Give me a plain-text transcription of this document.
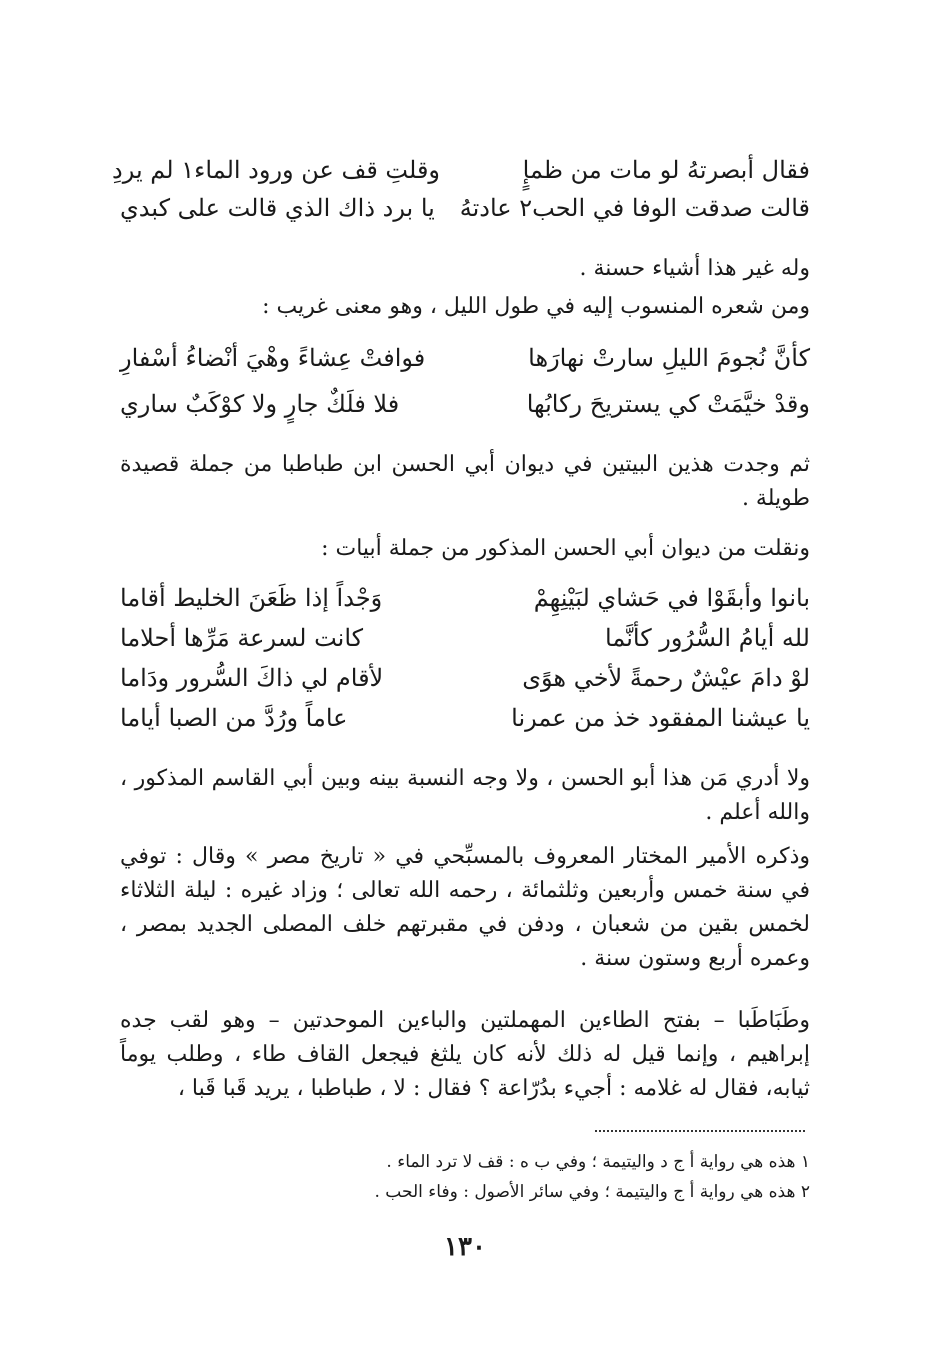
فقال أبصرتهُ لو مات من ظمإٍ
وقلتِ قف عن ورود الماء١ لم يردِ
قالت صدقت الوفا في الحب٢ عادتهُ
يا برد ذاك الذي قالت على كبدي
وله غير هذا أشياء حسنة .
ومن شعره المنسوب إليه في طول الليل ، وهو معنى غريب :
كأنَّ نُجومَ الليلِ سارتْ نهارَها
فوافتْ عِشاءً وهْيَ أنْضاءُ أسْفارِ
وقدْ خيَّمَتْ كي يستريحَ ركابُها
فلا فلَكٌ جارٍ ولا كوْكَبٌ ساري
ثم وجدت هذين البيتين في ديوان أبي الحسن ابن طباطبا من جملة قصيدة طويلة .
ونقلت من ديوان أبي الحسن المذكور من جملة أبيات :
بانوا وأبقَوْا في حَشاي لبَيْنِهِمْ
وَجْداً إذا ظَعَنَ الخليط أقاما
لله أيامُ السُّرُور كأنَّما
كانت لسرعة مَرِّها أحلاما
لوْ دامَ عيْشٌ رحمةً لأخي هوًى
لأقام لي ذاكَ السُّرور ودَاما
يا عيشنا المفقود خذ من عمرنا
عاماً ورُدَّ من الصبا أياما
ولا أدري مَن هذا أبو الحسن ، ولا وجه النسبة بينه وبين أبي القاسم المذكور ، والله أعلم .
وذكره الأمير المختار المعروف بالمسبِّحي في « تاريخ مصر » وقال : توفي في سنة خمس وأربعين وثلثمائة ، رحمه الله تعالى ؛ وزاد غيره : ليلة الثلاثاء لخمس بقين من شعبان ، ودفن في مقبرتهم خلف المصلى الجديد بمصر ، وعمره أربع وستون سنة .
وطَبَاطَبا – بفتح الطاءين المهملتين والباءين الموحدتين – وهو لقب جده إبراهيم ، وإنما قيل له ذلك لأنه كان يلثغ فيجعل القاف طاء ، وطلب يوماً ثيابه، فقال له غلامه : أجيء بدُرّاعة ؟ فقال : لا ، طباطبا ، يريد قَبا قَبا ،
١ هذه هي رواية أ ج د واليتيمة ؛ وفي ب ه : قف لا ترد الماء .
٢ هذه هي رواية أ ج واليتيمة ؛ وفي سائر الأصول : وفاء الحب .
١٣٠
